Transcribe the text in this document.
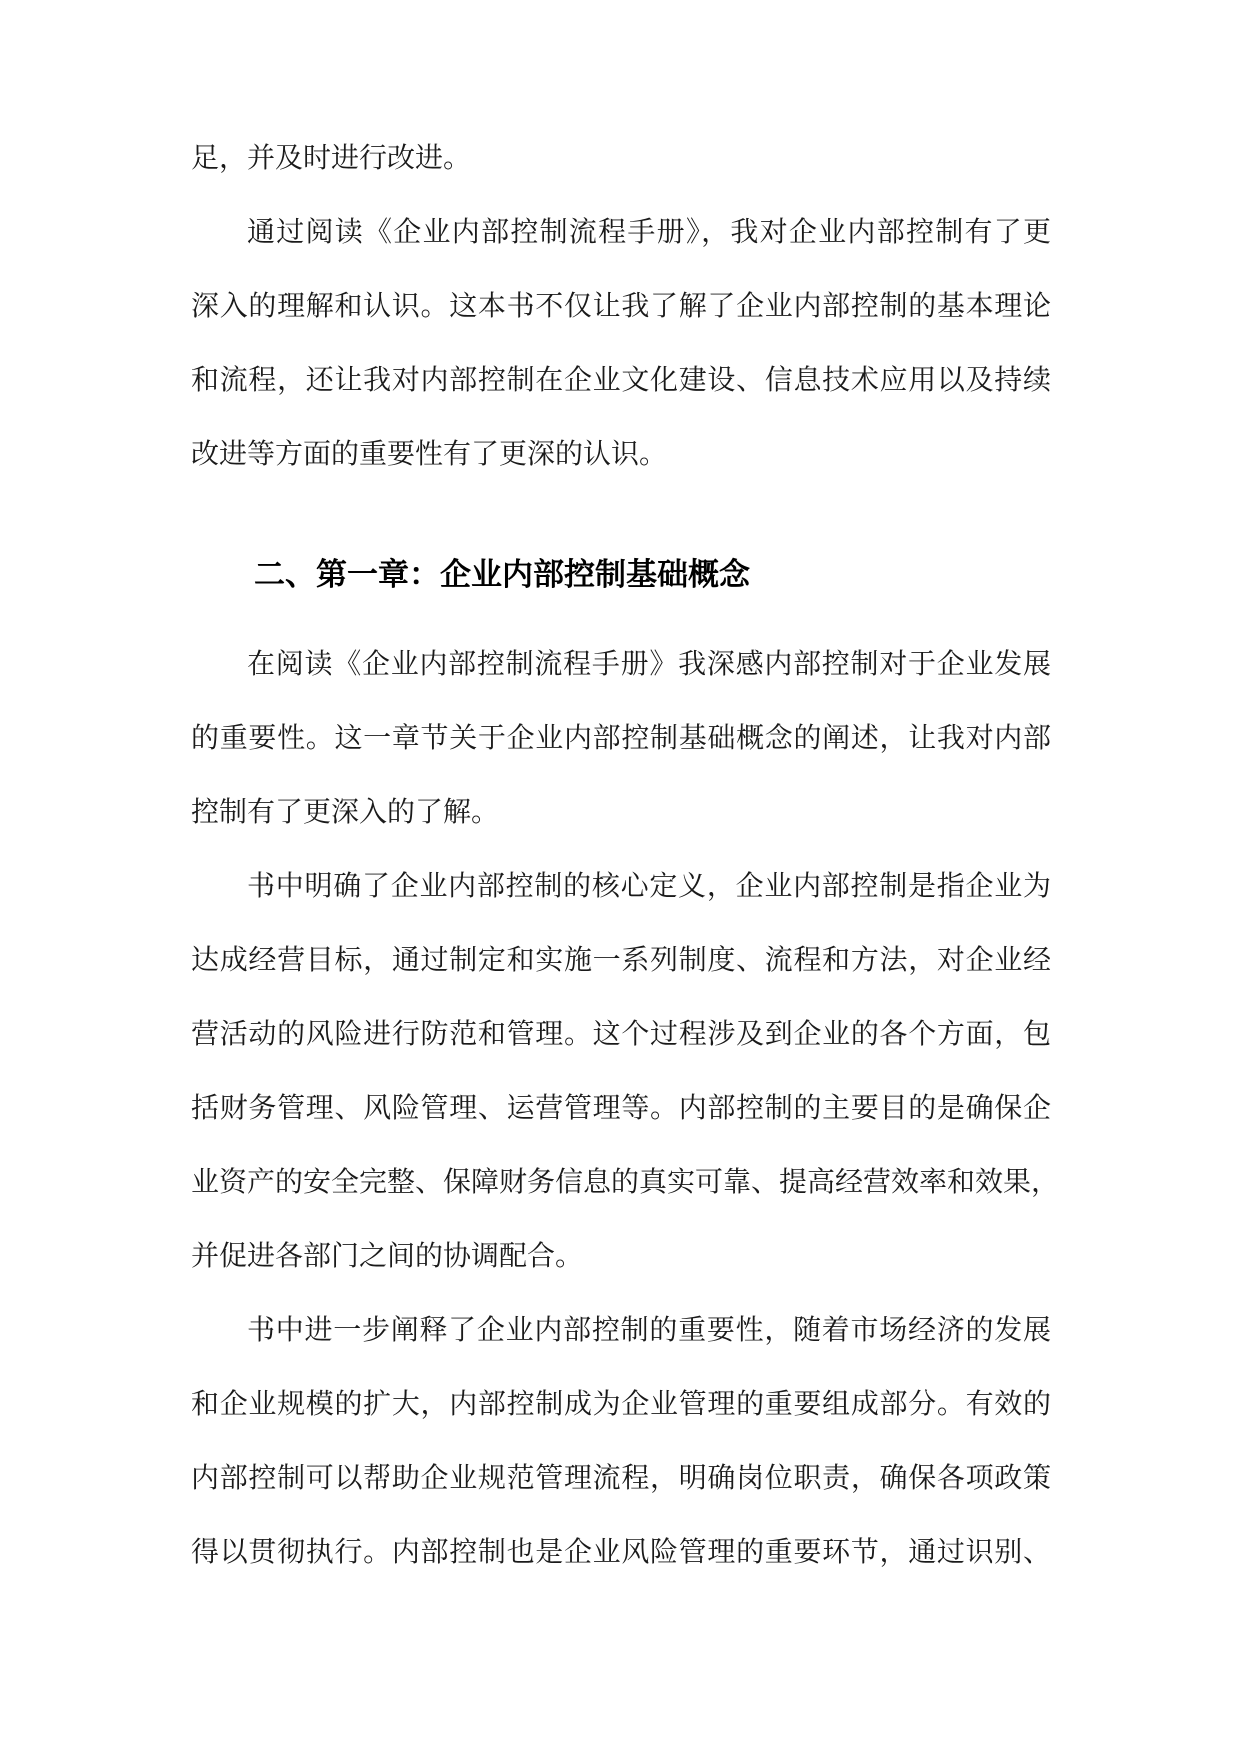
足，并及时进行改进。
通过阅读《企业内部控制流程手册》，我对企业内部控制有了更
深入的理解和认识。这本书不仅让我了解了企业内部控制的基本理论
和流程，还让我对内部控制在企业文化建设、信息技术应用以及持续
改进等方面的重要性有了更深的认识。
二、第一章：企业内部控制基础概念
在阅读《企业内部控制流程手册》我深感内部控制对于企业发展
的重要性。这一章节关于企业内部控制基础概念的阐述，让我对内部
控制有了更深入的了解。
书中明确了企业内部控制的核心定义，企业内部控制是指企业为
达成经营目标，通过制定和实施一系列制度、流程和方法，对企业经
营活动的风险进行防范和管理。这个过程涉及到企业的各个方面，包
括财务管理、风险管理、运营管理等。内部控制的主要目的是确保企
业资产的安全完整、保障财务信息的真实可靠、提高经营效率和效果，
并促进各部门之间的协调配合。
书中进一步阐释了企业内部控制的重要性，随着市场经济的发展
和企业规模的扩大，内部控制成为企业管理的重要组成部分。有效的
内部控制可以帮助企业规范管理流程，明确岗位职责，确保各项政策
得以贯彻执行。内部控制也是企业风险管理的重要环节，通过识别、
